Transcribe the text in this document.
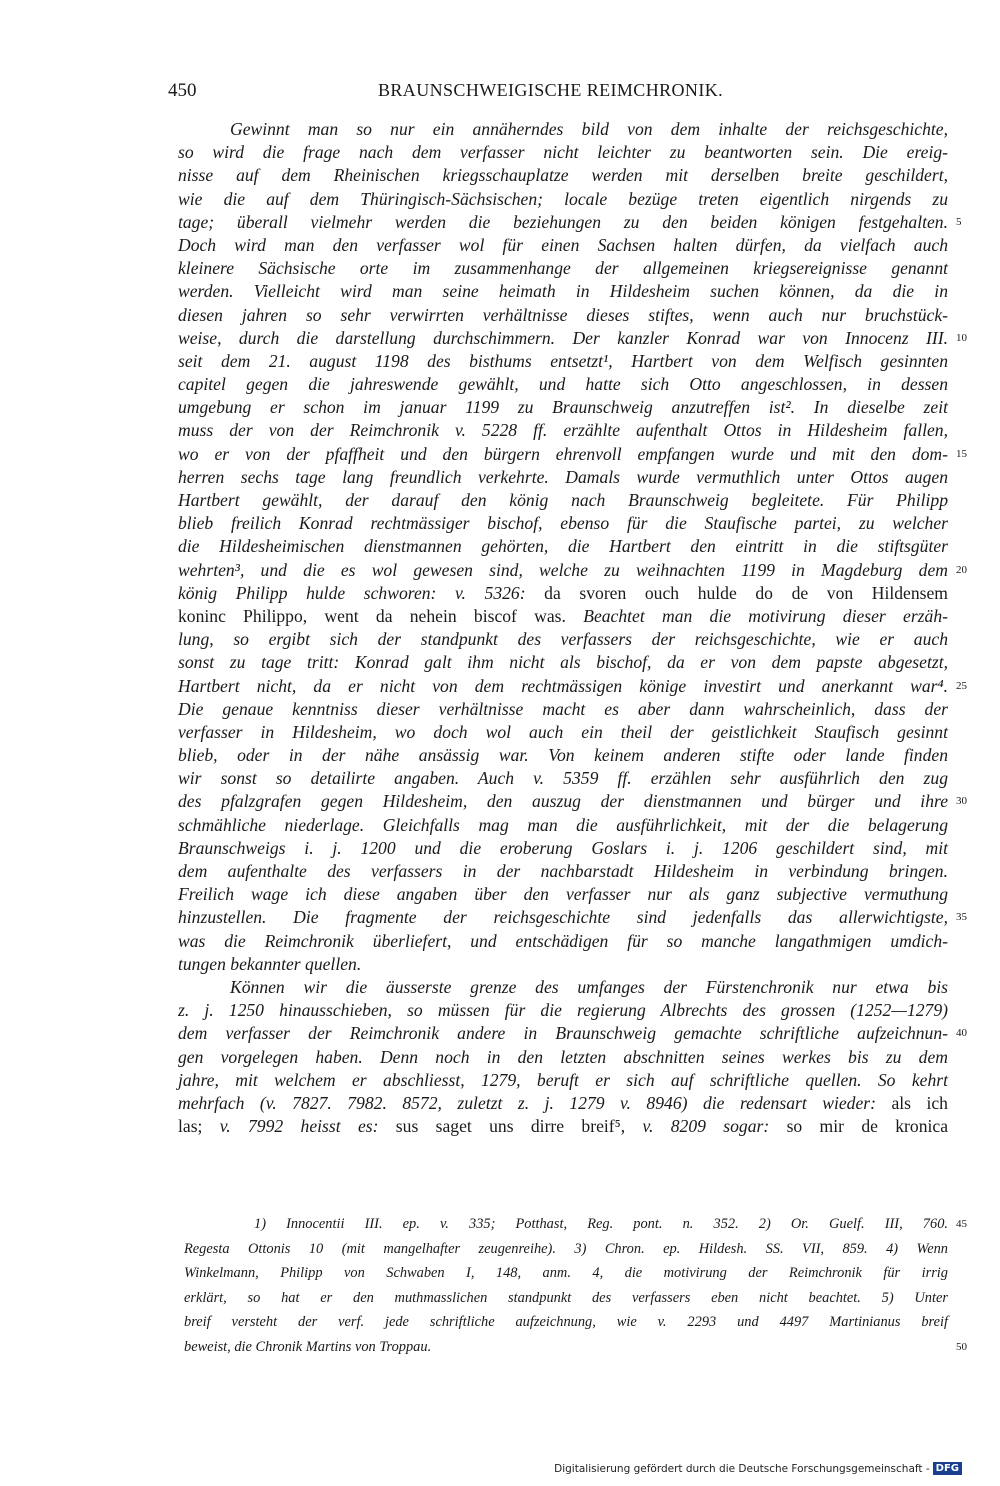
450	BRAUNSCHWEIGISCHE REIMCHRONIK.
Gewinnt man so nur ein annäherndes bild von dem inhalte der reichsgeschichte,
so wird die frage nach dem verfasser nicht leichter zu beantworten sein. Die ereig-
nisse auf dem Rheinischen kriegsschauplatze werden mit derselben breite geschildert,
wie die auf dem Thüringisch-Sächsischen; locale bezüge treten eigentlich nirgends zu
tage; überall vielmehr werden die beziehungen zu den beiden königen festgehalten. 5
Doch wird man den verfasser wol für einen Sachsen halten dürfen, da vielfach auch
kleinere Sächsische orte im zusammenhange der allgemeinen kriegsereignisse genannt
werden. Vielleicht wird man seine heimath in Hildesheim suchen können, da die in
diesen jahren so sehr verwirrten verhältnisse dieses stiftes, wenn auch nur bruchstück-
weise, durch die darstellung durchschimmern. Der kanzler Konrad war von Innocenz III. 10
seit dem 21. august 1198 des bisthums entsetzt¹, Hartbert von dem Welfisch gesinnten
capitel gegen die jahreswende gewählt, und hatte sich Otto angeschlossen, in dessen
umgebung er schon im januar 1199 zu Braunschweig anzutreffen ist². In dieselbe zeit
muss der von der Reimchronik v. 5228 ff. erzählte aufenthalt Ottos in Hildesheim fallen,
wo er von der pfaffheit und den bürgern ehrenvoll empfangen wurde und mit den dom- 15
herren sechs tage lang freundlich verkehrte. Damals wurde vermuthlich unter Ottos augen
Hartbert gewählt, der darauf den könig nach Braunschweig begleitete. Für Philipp
blieb freilich Konrad rechtmässiger bischof, ebenso für die Staufische partei, zu welcher
die Hildesheimischen dienstmannen gehörten, die Hartbert den eintritt in die stiftsgüter
wehrten³, und die es wol gewesen sind, welche zu weihnachten 1199 in Magdeburg dem 20
könig Philipp hulde schworen: v. 5326: da svoren ouch hulde do de von Hildensem
koninc Philippo, went da nehein biscof was. Beachtet man die motivirung dieser erzäh-
lung, so ergibt sich der standpunkt des verfassers der reichsgeschichte, wie er auch
sonst zu tage tritt: Konrad galt ihm nicht als bischof, da er von dem papste abgesetzt,
Hartbert nicht, da er nicht von dem rechtmässigen könige investirt und anerkannt war⁴. 25
Die genaue kenntniss dieser verhältnisse macht es aber dann wahrscheinlich, dass der
verfasser in Hildesheim, wo doch wol auch ein theil der geistlichkeit Staufisch gesinnt
blieb, oder in der nähe ansässig war. Von keinem anderen stifte oder lande finden
wir sonst so detailirte angaben. Auch v. 5359 ff. erzählen sehr ausführlich den zug
des pfalzgrafen gegen Hildesheim, den auszug der dienstmannen und bürger und ihre 30
schmähliche niederlage. Gleichfalls mag man die ausführlichkeit, mit der die belagerung
Braunschweigs i. j. 1200 und die eroberung Goslars i. j. 1206 geschildert sind, mit
dem aufenthalte des verfassers in der nachbarstadt Hildesheim in verbindung bringen.
Freilich wage ich diese angaben über den verfasser nur als ganz subjective vermuthung
hinzustellen. Die fragmente der reichsgeschichte sind jedenfalls das allerwichtigste, 35
was die Reimchronik überliefert, und entschädigen für so manche langathmigen umdich-
tungen bekannter quellen.
Können wir die äusserste grenze des umfanges der Fürstenchronik nur etwa bis
z. j. 1250 hinausschieben, so müssen für die regierung Albrechts des grossen (1252—1279)
dem verfasser der Reimchronik andere in Braunschweig gemachte schriftliche aufzeichnun- 40
gen vorgelegen haben. Denn noch in den letzten abschnitten seines werkes bis zu dem
jahre, mit welchem er abschliesst, 1279, beruft er sich auf schriftliche quellen. So kehrt
mehrfach (v. 7827. 7982. 8572, zuletzt z. j. 1279 v. 8946) die redensart wieder: als ich
las; v. 7992 heisst es: sus saget uns dirre breif⁵, v. 8209 sogar: so mir de kronica
1) Innocentii III. ep. v. 335; Potthast, Reg. pont. n. 352. 2) Or. Guelf. III, 760. 45
Regesta Ottonis 10 (mit mangelhafter zeugenreihe). 3) Chron. ep. Hildesh. SS. VII, 859. 4) Wenn
Winkelmann, Philipp von Schwaben I, 148, anm. 4, die motivirung der Reimchronik für irrig
erklärt, so hat er den muthmasslichen standpunkt des verfassers eben nicht beachtet. 5) Unter
breif versteht der verf. jede schriftliche aufzeichnung, wie v. 2293 und 4497 Martinianus breif
beweist, die Chronik Martins von Troppau.	50
Digitalisierung gefördert durch die Deutsche Forschungsgemeinschaft - DFG
